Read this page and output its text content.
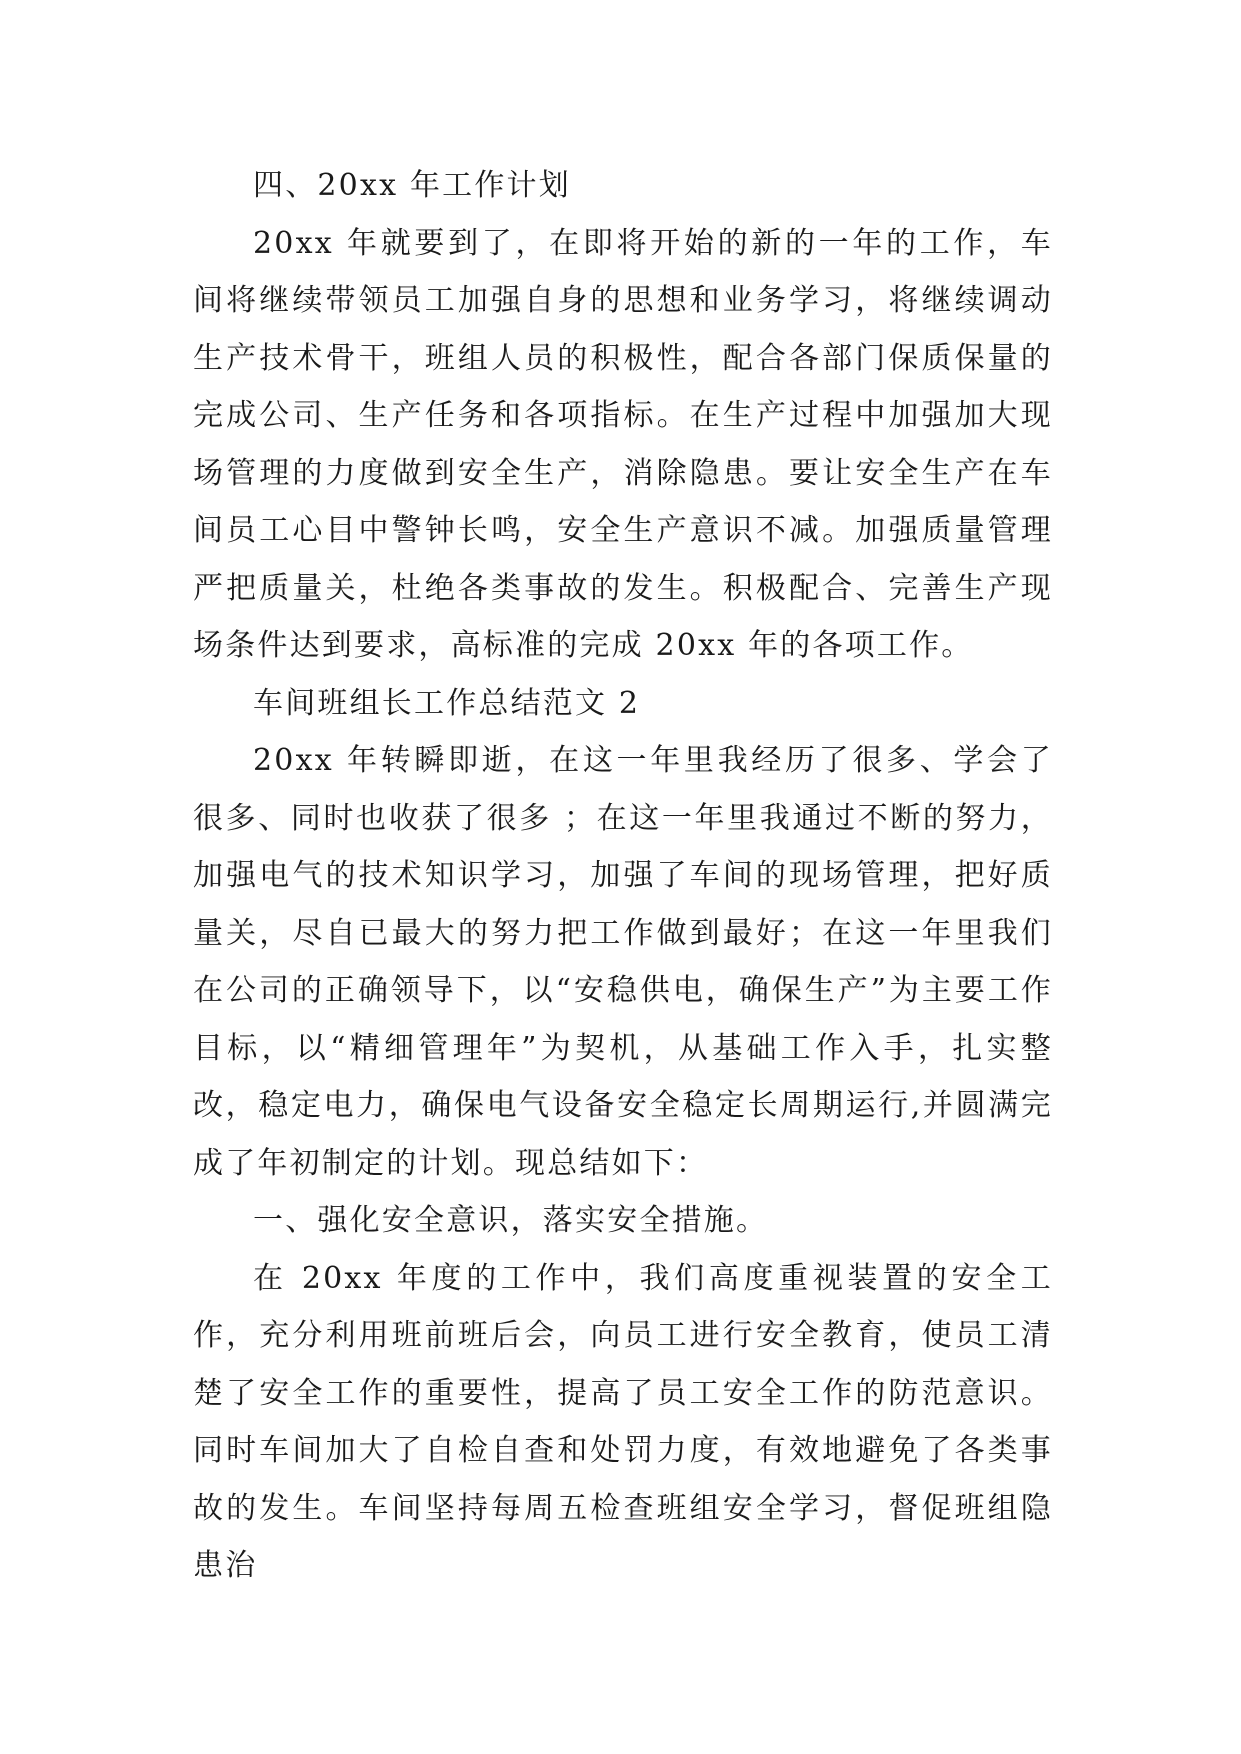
四、20xx 年工作计划

20xx 年就要到了，在即将开始的新的一年的工作，车间将继续带领员工加强自身的思想和业务学习，将继续调动生产技术骨干，班组人员的积极性，配合各部门保质保量的完成公司、生产任务和各项指标。在生产过程中加强加大现场管理的力度做到安全生产，消除隐患。要让安全生产在车间员工心目中警钟长鸣，安全生产意识不减。加强质量管理严把质量关，杜绝各类事故的发生。积极配合、完善生产现场条件达到要求，高标准的完成 20xx 年的各项工作。

车间班组长工作总结范文 2

20xx 年转瞬即逝，在这一年里我经历了很多、学会了很多、同时也收获了很多 ；在这一年里我通过不断的努力，加强电气的技术知识学习，加强了车间的现场管理，把好质量关，尽自已最大的努力把工作做到最好；在这一年里我们在公司的正确领导下，以“安稳供电，确保生产”为主要工作目标，以“精细管理年”为契机，从基础工作入手，扎实整改，稳定电力，确保电气设备安全稳定长周期运行,并圆满完成了年初制定的计划。现总结如下：

一、强化安全意识，落实安全措施。

在 20xx 年度的工作中，我们高度重视装置的安全工作，充分利用班前班后会，向员工进行安全教育，使员工清楚了安全工作的重要性，提高了员工安全工作的防范意识。同时车间加大了自检自查和处罚力度，有效地避免了各类事故的发生。车间坚持每周五检查班组安全学习，督促班组隐患治
